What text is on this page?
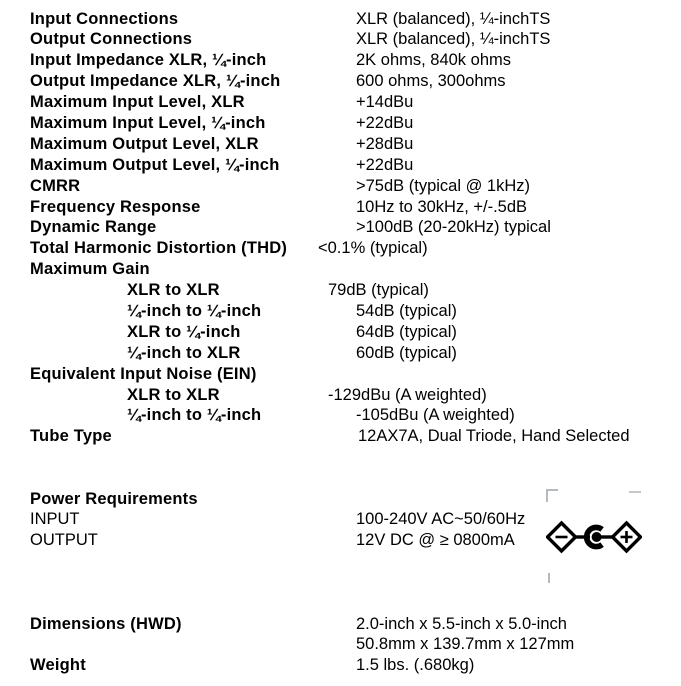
Input Connections	XLR (balanced), ¼-inchTS
Output Connections	XLR (balanced), ¼-inchTS
Input Impedance XLR, ¼-inch	2K ohms, 840k ohms
Output Impedance XLR, ¼-inch	600 ohms, 300ohms
Maximum Input Level, XLR	+14dBu
Maximum Input Level, ¼-inch	+22dBu
Maximum Output Level, XLR	+28dBu
Maximum Output Level, ¼-inch	+22dBu
CMRR	>75dB (typical @ 1kHz)
Frequency Response	10Hz to 30kHz, +/-.5dB
Dynamic Range	>100dB (20-20kHz) typical
Total Harmonic Distortion (THD) <0.1% (typical)
Maximum Gain
XLR to XLR	79dB (typical)
¼-inch to ¼-inch	54dB (typical)
XLR to ¼-inch	64dB (typical)
¼-inch to XLR	60dB (typical)
Equivalent Input Noise (EIN)
XLR to XLR	-129dBu (A weighted)
¼-inch to ¼-inch	-105dBu (A weighted)
Tube Type	12AX7A, Dual Triode, Hand Selected
Power Requirements
INPUT	100-240V AC~50/60Hz
OUTPUT	12V DC @ ≥ 0800mA
Dimensions (HWD)	2.0-inch x 5.5-inch x 5.0-inch
50.8mm x 139.7mm x 127mm
Weight	1.5 lbs. (.680kg)
